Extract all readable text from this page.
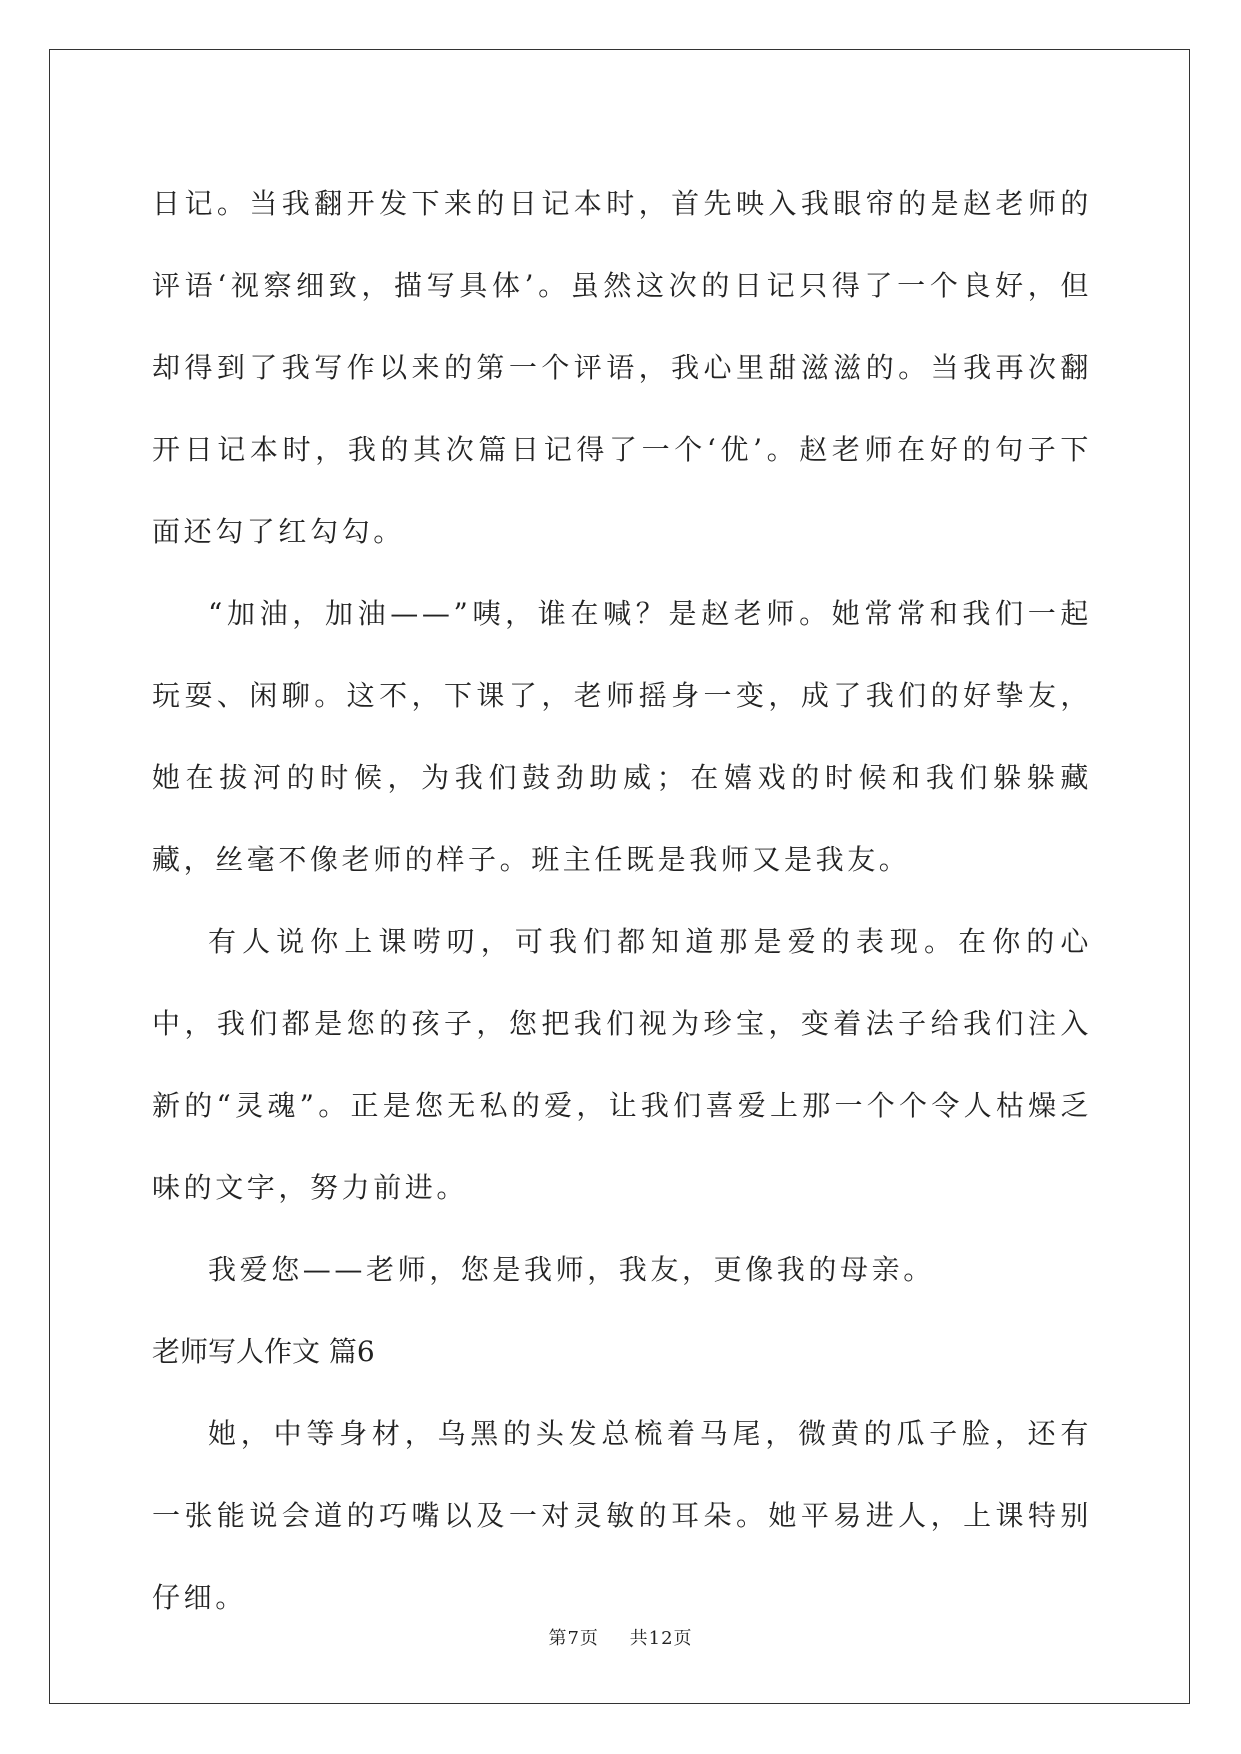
日记。当我翻开发下来的日记本时，首先映入我眼帘的是赵老师的评语‘视察细致，描写具体’。虽然这次的日记只得了一个良好，但却得到了我写作以来的第一个评语，我心里甜滋滋的。当我再次翻开日记本时，我的其次篇日记得了一个‘优’。赵老师在好的句子下面还勾了红勾勾。

“加油，加油——”咦，谁在喊？是赵老师。她常常和我们一起玩耍、闲聊。这不，下课了，老师摇身一变，成了我们的好挚友，她在拔河的时候，为我们鼓劲助威；在嬉戏的时候和我们躲躲藏藏，丝毫不像老师的样子。班主任既是我师又是我友。

有人说你上课唠叨，可我们都知道那是爱的表现。在你的心中，我们都是您的孩子，您把我们视为珍宝，变着法子给我们注入新的“灵魂”。正是您无私的爱，让我们喜爱上那一个个令人枯燥乏味的文字，努力前进。

我爱您——老师，您是我师，我友，更像我的母亲。

老师写人作文 篇6

她，中等身材，乌黑的头发总梳着马尾，微黄的瓜子脸，还有一张能说会道的巧嘴以及一对灵敏的耳朵。她平易进人，上课特别仔细。

第7页 共12页
